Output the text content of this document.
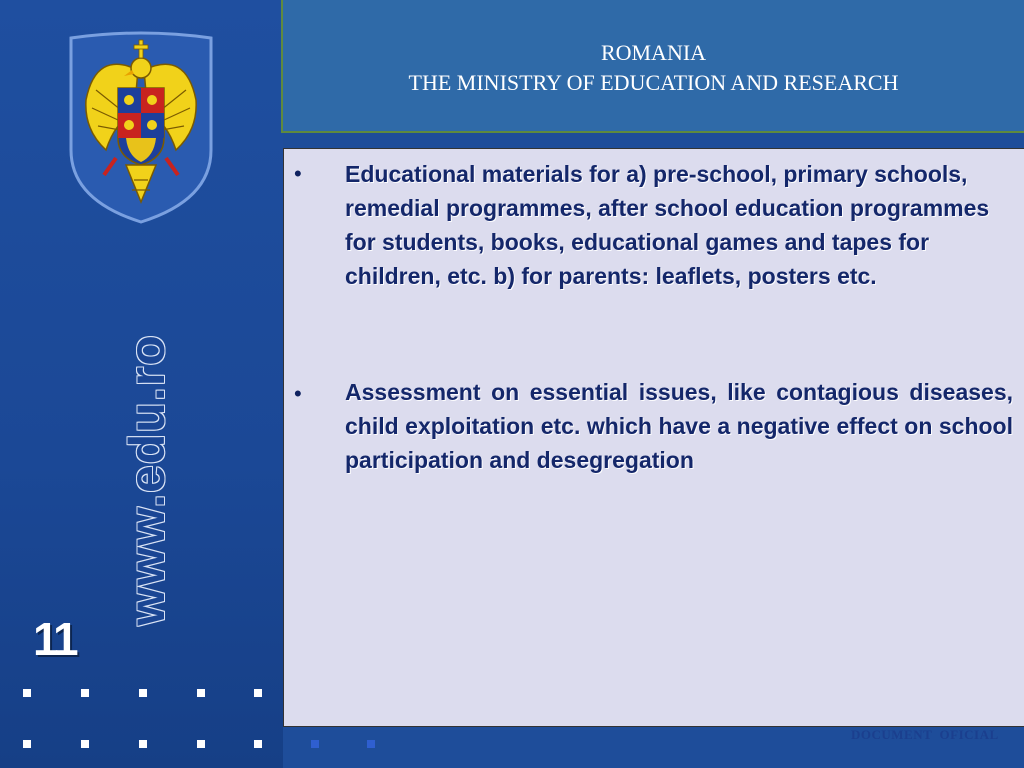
www.edu.ro
11
ROMANIA
THE MINISTRY OF EDUCATION AND RESEARCH
• Educational materials for a) pre-school, primary schools, remedial programmes, after school education programmes for students, books, educational games and tapes for children, etc. b) for parents: leaflets, posters etc.
• Assessment on essential issues, like contagious diseases, child exploitation etc. which have a negative effect on school participation and desegregation
DOCUMENT  OFICIAL
